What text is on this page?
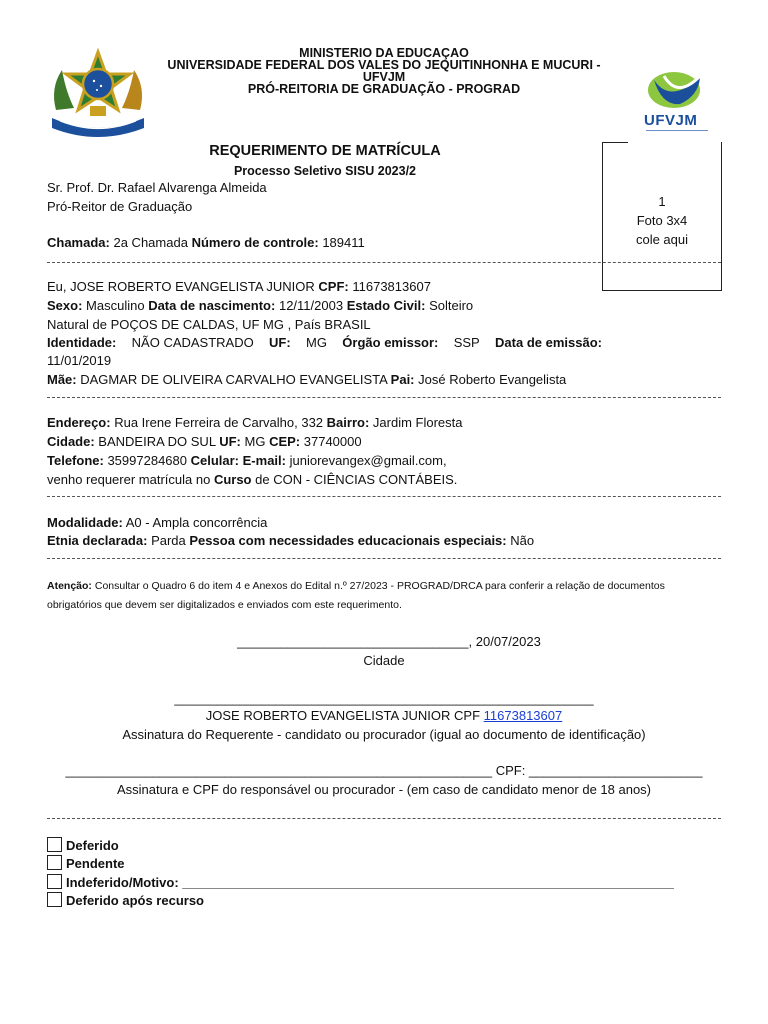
UFVJM
MINISTERIO DA EDUCAÇAO
UNIVERSIDADE FEDERAL DOS VALES DO JEQUITINHONHA E MUCURI -
UFVJM
PRÓ-REITORIA DE GRADUAÇÃO - PROGRAD
REQUERIMENTO DE MATRÍCULA
Processo Seletivo SISU 2023/2
1
Foto 3x4
cole aqui
Sr. Prof. Dr. Rafael Alvarenga Almeida
Pró-Reitor de Graduação
Chamada: 2a Chamada Número de controle: 189411
Eu, JOSE ROBERTO EVANGELISTA JUNIOR CPF: 11673813607
Sexo: Masculino Data de nascimento: 12/11/2003 Estado Civil: Solteiro
Natural de POÇOS DE CALDAS, UF MG , País BRASIL
Identidade: NÃO CADASTRADO UF: MG Órgão emissor: SSP Data de emissão:
11/01/2019
Mãe: DAGMAR DE OLIVEIRA CARVALHO EVANGELISTA Pai: José Roberto Evangelista
Endereço: Rua Irene Ferreira de Carvalho, 332 Bairro: Jardim Floresta
Cidade: BANDEIRA DO SUL UF: MG CEP: 37740000
Telefone: 35997284680 Celular: E-mail: juniorevangex@gmail.com,
venho requerer matrícula no Curso de CON - CIÊNCIAS CONTÁBEIS.
Modalidade: A0 - Ampla concorrência
Etnia declarada: Parda Pessoa com necessidades educacionais especiais: Não
Atenção: Consultar o Quadro 6 do item 4 e Anexos do Edital n.º 27/2023 - PROGRAD/DRCA para conferir a relação de documentos
obrigatórios que devem ser digitalizados e enviados com este requerimento.
________________________________, 20/07/2023
Cidade
__________________________________________________________
JOSE ROBERTO EVANGELISTA JUNIOR CPF 11673813607
Assinatura do Requerente - candidato ou procurador (igual ao documento de identificação)
___________________________________________________________ CPF: ________________________
Assinatura e CPF do responsável ou procurador - (em caso de candidato menor de 18 anos)
Deferido
Pendente
Indeferido/Motivo: ____________________________________________________________________
Deferido após recurso
